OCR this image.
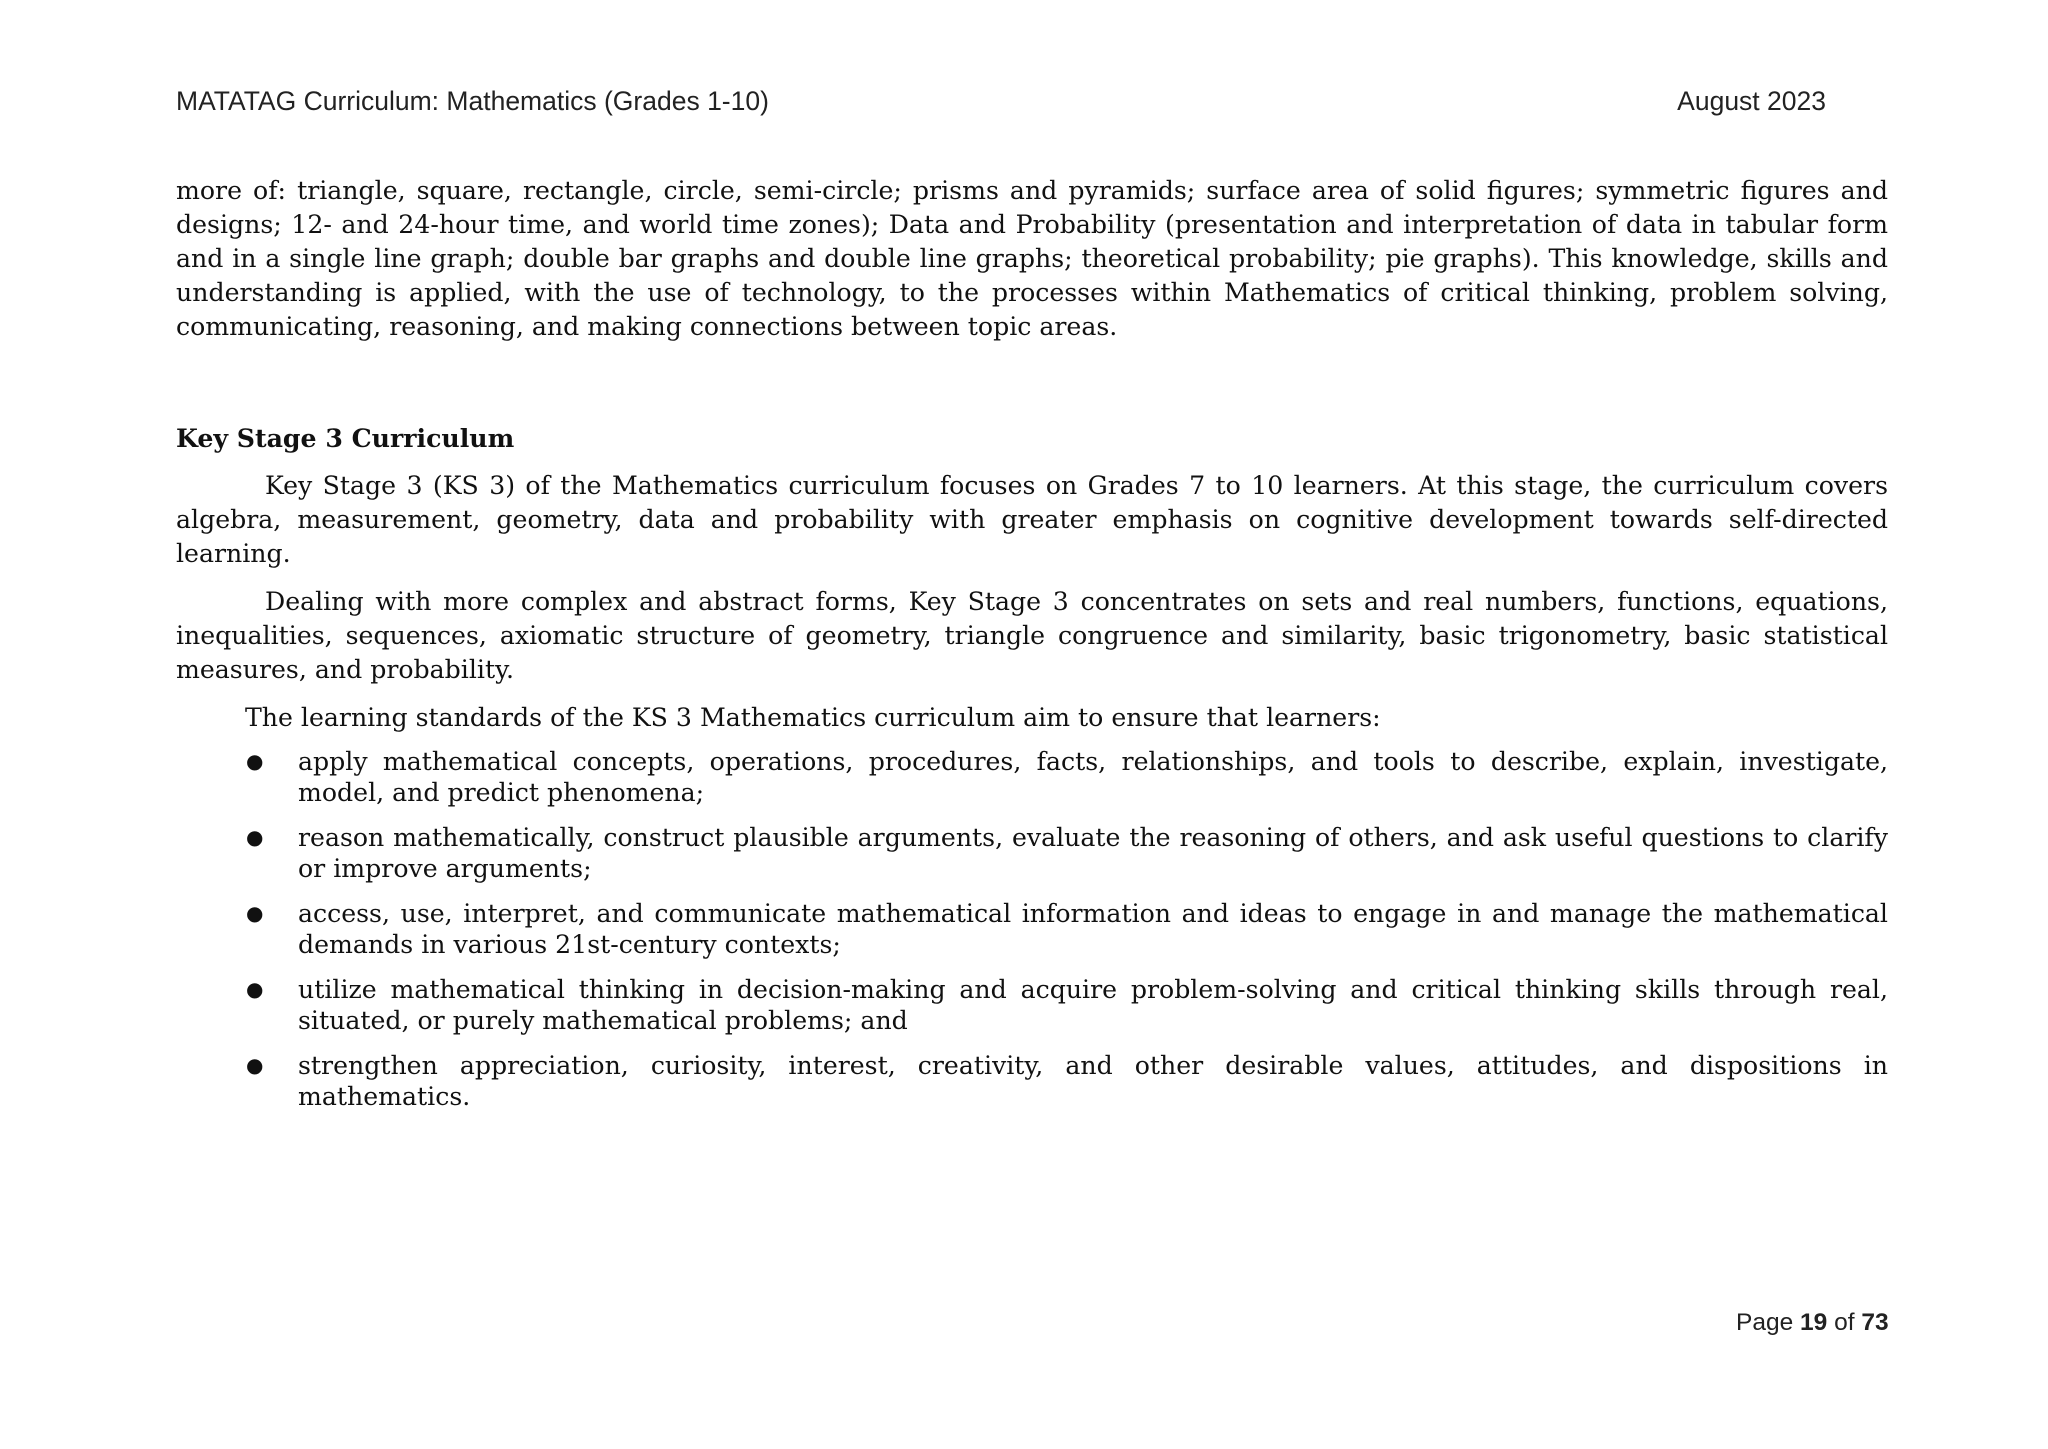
MATATAG Curriculum: Mathematics (Grades 1-10)	August 2023

more of: triangle, square, rectangle, circle, semi-circle; prisms and pyramids; surface area of solid figures; symmetric figures and designs; 12- and 24-hour time, and world time zones); Data and Probability (presentation and interpretation of data in tabular form and in a single line graph; double bar graphs and double line graphs; theoretical probability; pie graphs). This knowledge, skills and understanding is applied, with the use of technology, to the processes within Mathematics of critical thinking, problem solving, communicating, reasoning, and making connections between topic areas.

Key Stage 3 Curriculum

Key Stage 3 (KS 3) of the Mathematics curriculum focuses on Grades 7 to 10 learners. At this stage, the curriculum covers algebra, measurement, geometry, data and probability with greater emphasis on cognitive development towards self-directed learning.

Dealing with more complex and abstract forms, Key Stage 3 concentrates on sets and real numbers, functions, equations, inequalities, sequences, axiomatic structure of geometry, triangle congruence and similarity, basic trigonometry, basic statistical measures, and probability.

The learning standards of the KS 3 Mathematics curriculum aim to ensure that learners:

● apply mathematical concepts, operations, procedures, facts, relationships, and tools to describe, explain, investigate, model, and predict phenomena;
● reason mathematically, construct plausible arguments, evaluate the reasoning of others, and ask useful questions to clarify or improve arguments;
● access, use, interpret, and communicate mathematical information and ideas to engage in and manage the mathematical demands in various 21st-century contexts;
● utilize mathematical thinking in decision-making and acquire problem-solving and critical thinking skills through real, situated, or purely mathematical problems; and
● strengthen appreciation, curiosity, interest, creativity, and other desirable values, attitudes, and dispositions in mathematics.
Page 19 of 73
